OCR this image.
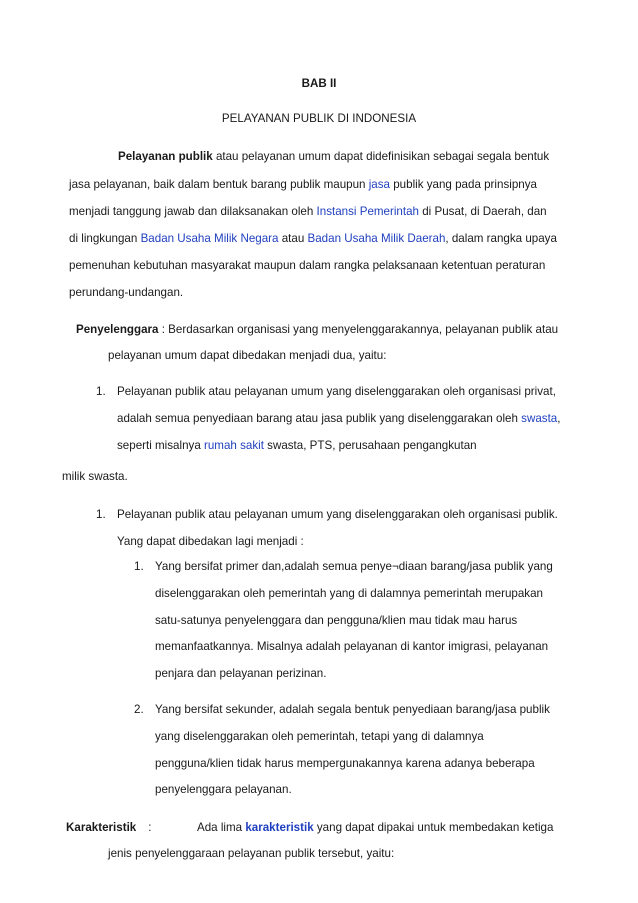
BAB II
PELAYANAN PUBLIK DI INDONESIA
Pelayanan publik atau pelayanan umum dapat didefinisikan sebagai segala bentuk
jasa pelayanan, baik dalam bentuk barang publik maupun jasa publik yang pada prinsipnya
menjadi tanggung jawab dan dilaksanakan oleh Instansi Pemerintah di Pusat, di Daerah, dan
di lingkungan Badan Usaha Milik Negara atau Badan Usaha Milik Daerah, dalam rangka upaya
pemenuhan kebutuhan masyarakat maupun dalam rangka pelaksanaan ketentuan peraturan
perundang-undangan.
Penyelenggara : Berdasarkan organisasi yang menyelenggarakannya, pelayanan publik atau
pelayanan umum dapat dibedakan menjadi dua, yaitu:
1. Pelayanan publik atau pelayanan umum yang diselenggarakan oleh organisasi privat,
adalah semua penyediaan barang atau jasa publik yang diselenggarakan oleh swasta,
seperti misalnya rumah sakit swasta, PTS, perusahaan pengangkutan
milik swasta.
1. Pelayanan publik atau pelayanan umum yang diselenggarakan oleh organisasi publik.
Yang dapat dibedakan lagi menjadi :
1. Yang bersifat primer dan,adalah semua penye¬diaan barang/jasa publik yang
diselenggarakan oleh pemerintah yang di dalamnya pemerintah merupakan
satu-satunya penyelenggara dan pengguna/klien mau tidak mau harus
memanfaatkannya. Misalnya adalah pelayanan di kantor imigrasi, pelayanan
penjara dan pelayanan perizinan.
2. Yang bersifat sekunder, adalah segala bentuk penyediaan barang/jasa publik
yang diselenggarakan oleh pemerintah, tetapi yang di dalamnya
pengguna/klien tidak harus mempergunakannya karena adanya beberapa
penyelenggara pelayanan.
Karakteristik :	Ada lima karakteristik yang dapat dipakai untuk membedakan ketiga
jenis penyelenggaraan pelayanan publik tersebut, yaitu:
